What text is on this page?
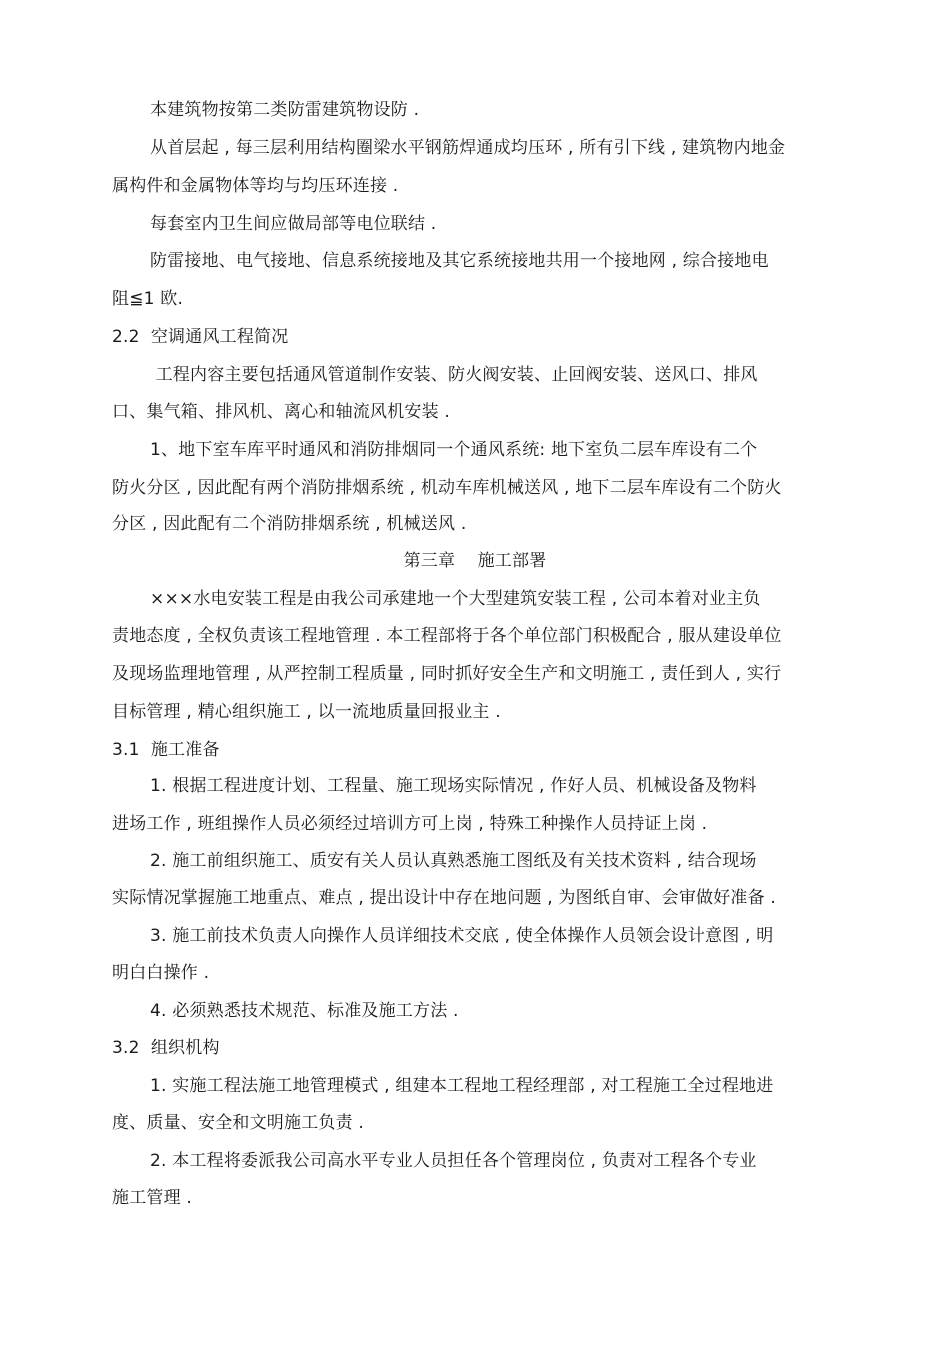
本建筑物按第二类防雷建筑物设防 .
从首层起 , 每三层利用结构圈梁水平钢筋焊通成均压环 , 所有引下线 , 建筑物内地金
属构件和金属物体等均与均压环连接 .
每套室内卫生间应做局部等电位联结 .
防雷接地、电气接地、信息系统接地及其它系统接地共用一个接地网 , 综合接地电
阻≦1 欧.
2.2  空调通风工程简况
工程内容主要包括通风管道制作安装、防火阀安装、止回阀安装、送风口、排风
口、集气箱、排风机、离心和轴流风机安装 .
1、地下室车库平时通风和消防排烟同一个通风系统: 地下室负二层车库设有二个
防火分区 , 因此配有两个消防排烟系统 , 机动车库机械送风 , 地下二层车库设有二个防火
分区 , 因此配有二个消防排烟系统 , 机械送风 .
第三章    施工部署
×××水电安装工程是由我公司承建地一个大型建筑安装工程 , 公司本着对业主负
责地态度 , 全权负责该工程地管理 . 本工程部将于各个单位部门积极配合 , 服从建设单位
及现场监理地管理 , 从严控制工程质量 , 同时抓好安全生产和文明施工 , 责任到人 , 实行
目标管理 , 精心组织施工 , 以一流地质量回报业主 .
3.1  施工准备
1. 根据工程进度计划、工程量、施工现场实际情况 , 作好人员、机械设备及物料
进场工作 , 班组操作人员必须经过培训方可上岗 , 特殊工种操作人员持证上岗 .
2. 施工前组织施工、质安有关人员认真熟悉施工图纸及有关技术资料 , 结合现场
实际情况掌握施工地重点、难点 , 提出设计中存在地问题 , 为图纸自审、会审做好准备 .
3. 施工前技术负责人向操作人员详细技术交底 , 使全体操作人员领会设计意图 , 明
明白白操作 .
4. 必须熟悉技术规范、标准及施工方法 .
3.2  组织机构
1. 实施工程法施工地管理模式 , 组建本工程地工程经理部 , 对工程施工全过程地进
度、质量、安全和文明施工负责 .
2. 本工程将委派我公司高水平专业人员担任各个管理岗位 , 负责对工程各个专业
施工管理 .
